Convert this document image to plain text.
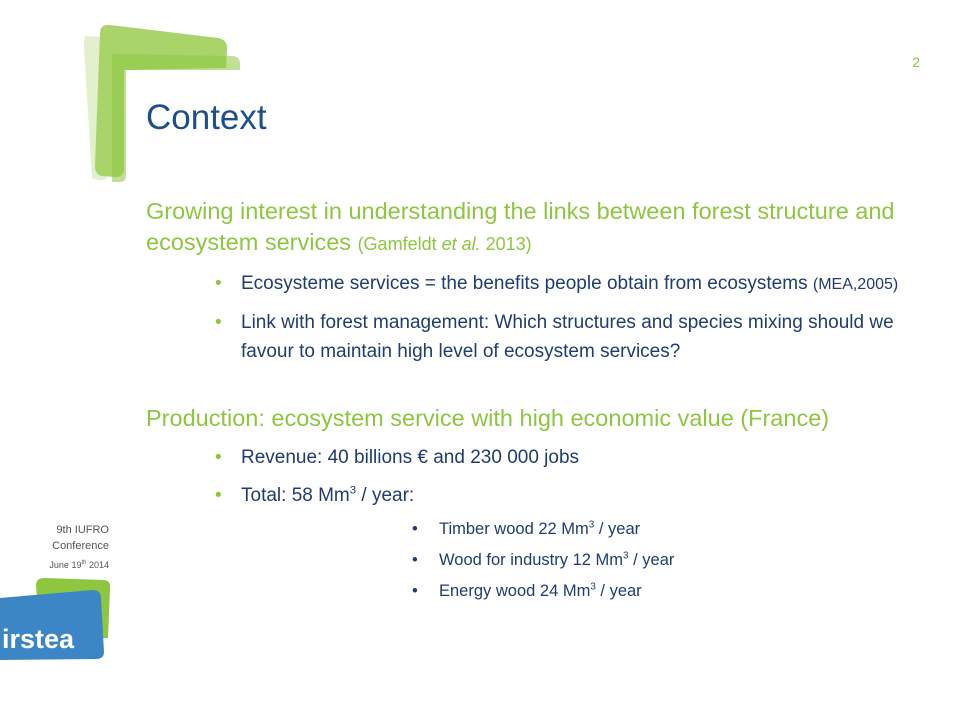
2
Context

Growing interest in understanding the links between forest structure and ecosystem services (Gamfeldt et al. 2013)

• Ecosysteme services = the benefits people obtain from ecosystems (MEA,2005)
• Link with forest management: Which structures and species mixing should we favour to maintain high level of ecosystem services?

Production: ecosystem service with high economic value (France)

• Revenue: 40 billions € and 230 000 jobs
• Total: 58 Mm$^3$ / year:
• Timber wood 22 Mm$^3$ / year
• Wood for industry 12 Mm$^3$ / year
• Energy wood 24 Mm$^3$ / year
9th IUFRO
Conference
June 19th 2014
irstea
